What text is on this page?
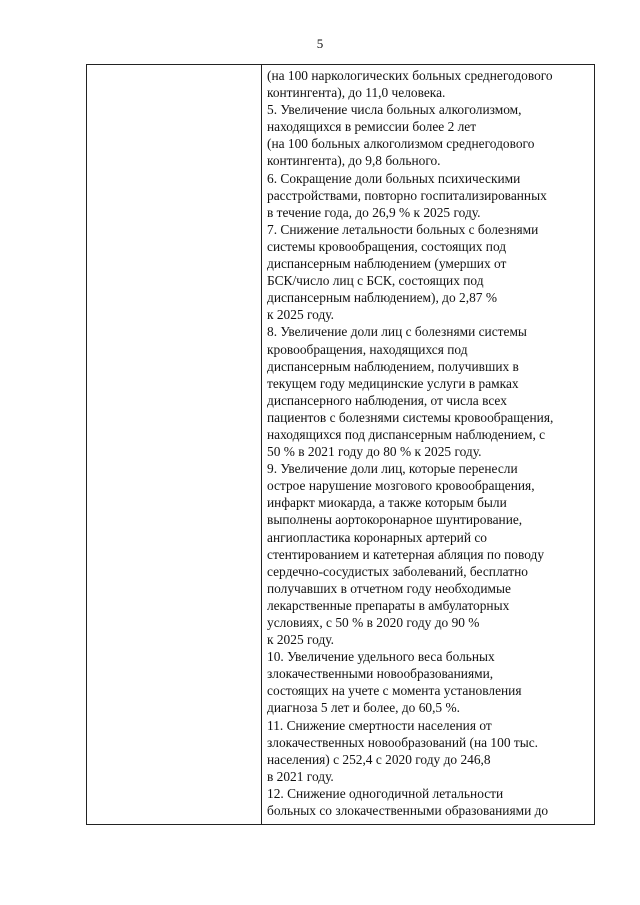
5
(на 100 наркологических больных среднегодового
контингента), до 11,0 человека.
5. Увеличение числа больных алкоголизмом,
находящихся в ремиссии более 2 лет
(на 100 больных алкоголизмом среднегодового
контингента), до 9,8 больного.
6. Сокращение доли больных психическими
расстройствами, повторно госпитализированных
в течение года, до 26,9 % к 2025 году.
7. Снижение летальности больных с болезнями
системы кровообращения, состоящих под
диспансерным наблюдением (умерших от
БСК/число лиц с БСК, состоящих под
диспансерным наблюдением), до 2,87 %
к 2025 году.
8. Увеличение доли лиц с болезнями системы
кровообращения, находящихся под
диспансерным наблюдением, получивших в
текущем году медицинские услуги в рамках
диспансерного наблюдения, от числа всех
пациентов с болезнями системы кровообращения,
находящихся под диспансерным наблюдением, с
50 % в 2021 году до 80 % к 2025 году.
9. Увеличение доли лиц, которые перенесли
острое нарушение мозгового кровообращения,
инфаркт миокарда, а также которым были
выполнены аортокоронарное шунтирование,
ангиопластика коронарных артерий со
стентированием и катетерная абляция по поводу
сердечно-сосудистых заболеваний, бесплатно
получавших в отчетном году необходимые
лекарственные препараты в амбулаторных
условиях, с 50 % в 2020 году до 90 %
к 2025 году.
10. Увеличение удельного веса больных
злокачественными новообразованиями,
состоящих на учете с момента установления
диагноза 5 лет и более, до 60,5 %.
11. Снижение смертности населения от
злокачественных новообразований (на 100 тыс.
населения) с 252,4 с 2020 году до 246,8
в 2021 году.
12. Снижение одногодичной летальности
больных со злокачественными образованиями до
